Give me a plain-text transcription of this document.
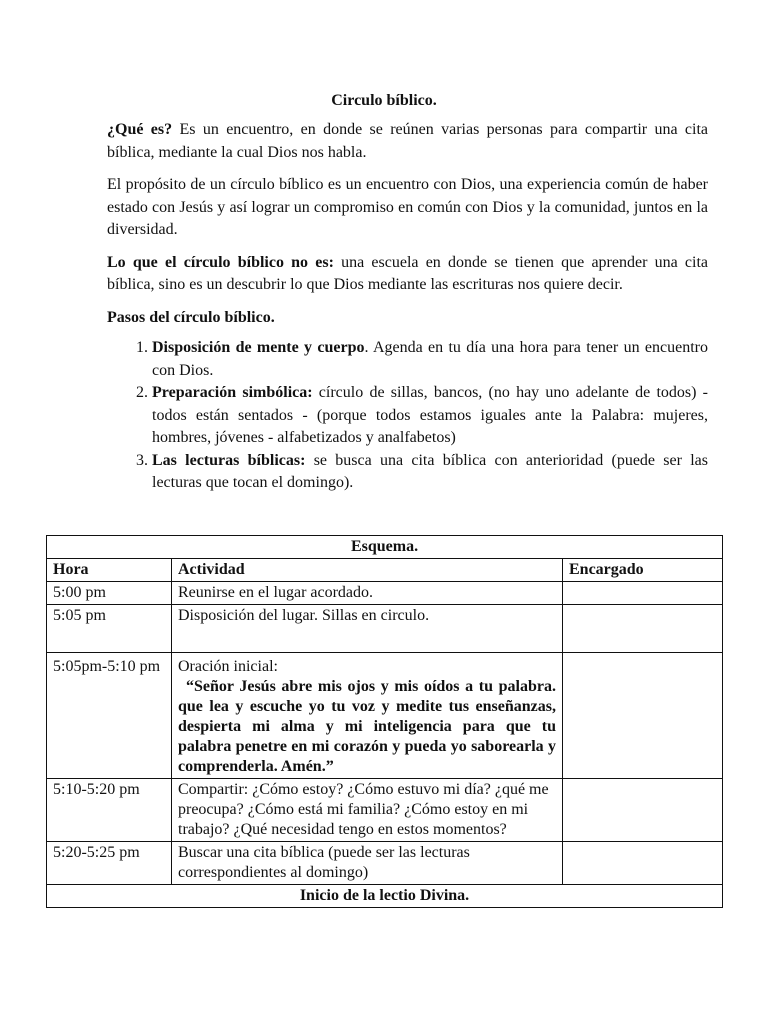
Circulo bíblico.

¿Qué es? Es un encuentro, en donde se reúnen varias personas para compartir una cita bíblica, mediante la cual Dios nos habla.

El propósito de un círculo bíblico es un encuentro con Dios, una experiencia común de haber estado con Jesús y así lograr un compromiso en común con Dios y la comunidad, juntos en la diversidad.

Lo que el círculo bíblico no es: una escuela en donde se tienen que aprender una cita bíblica, sino es un descubrir lo que Dios mediante las escrituras nos quiere decir.

Pasos del círculo bíblico.

1. Disposición de mente y cuerpo. Agenda en tu día una hora para tener un encuentro con Dios.
2. Preparación simbólica: círculo de sillas, bancos, (no hay uno adelante de todos) - todos están sentados - (porque todos estamos iguales ante la Palabra: mujeres, hombres, jóvenes - alfabetizados y analfabetos)
3. Las lecturas bíblicas: se busca una cita bíblica con anterioridad (puede ser las lecturas que tocan el domingo).
Esquema.		
Hora	Actividad	Encargado
5:00 pm	Reunirse en el lugar acordado.	
5:05 pm	Disposición del lugar. Sillas en circulo.	
5:05pm-5:10 pm	Oración inicial:
“Señor Jesús abre mis ojos y mis oídos a tu palabra. que lea y escuche yo tu voz y medite tus enseñanzas, despierta mi alma y mi inteligencia para que tu palabra penetre en mi corazón y pueda yo saborearla y comprenderla. Amén.”	

5:10-5:20 pm	Compartir: ¿Cómo estoy? ¿Cómo estuvo mi día? ¿qué me preocupa? ¿Cómo está mi familia? ¿Cómo estoy en mi trabajo? ¿Qué necesidad tengo en estos momentos?	
5:20-5:25 pm	Buscar una cita bíblica (puede ser las lecturas correspondientes al domingo)	
Inicio de la lectio Divina.		
